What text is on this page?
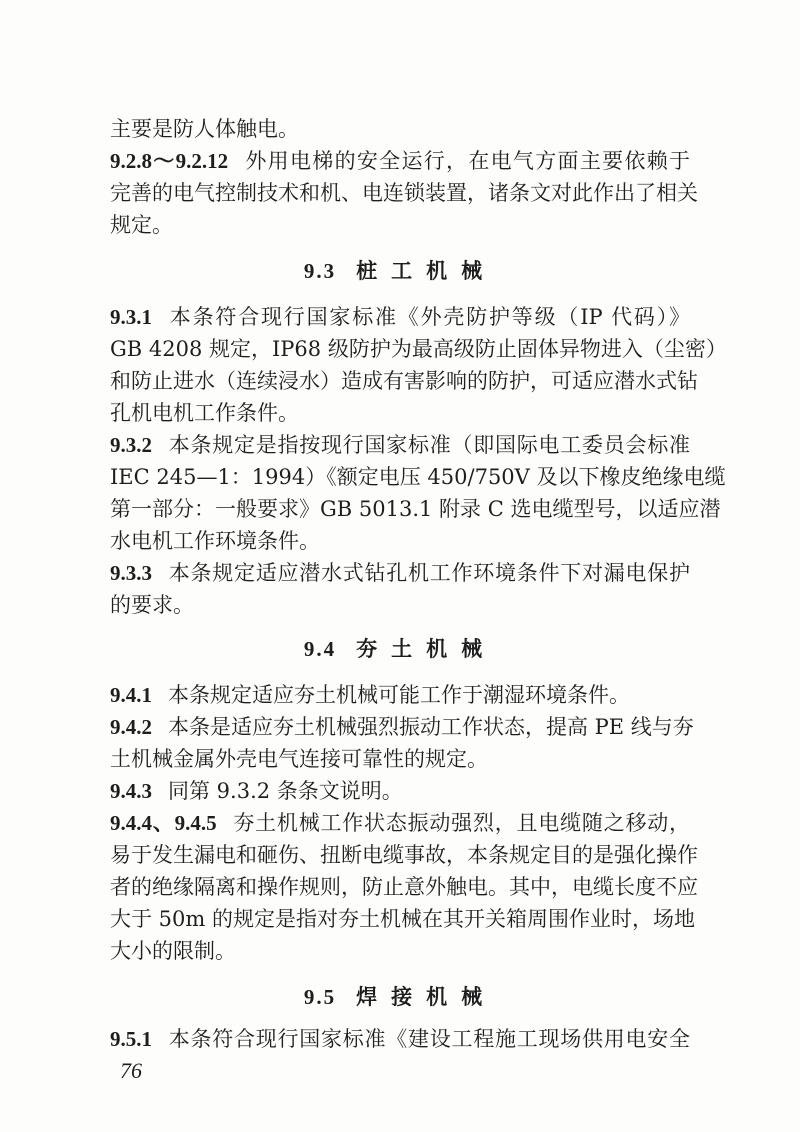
主要是防人体触电。
9.2.8～9.2.12 外用电梯的安全运行，在电气方面主要依赖于
完善的电气控制技术和机、电连锁装置，诸条文对此作出了相关
规定。
9.3 桩工机械
9.3.1 本条符合现行国家标准《外壳防护等级（IP 代码）》
GB 4208 规定，IP68 级防护为最高级防止固体异物进入（尘密）
和防止进水（连续浸水）造成有害影响的防护，可适应潜水式钻
孔机电机工作条件。
9.3.2 本条规定是指按现行国家标准（即国际电工委员会标准
IEC 245—1：1994）《额定电压 450/750V 及以下橡皮绝缘电缆
第一部分：一般要求》GB 5013.1 附录 C 选电缆型号，以适应潜
水电机工作环境条件。
9.3.3 本条规定适应潜水式钻孔机工作环境条件下对漏电保护
的要求。
9.4 夯土机械
9.4.1 本条规定适应夯土机械可能工作于潮湿环境条件。
9.4.2 本条是适应夯土机械强烈振动工作状态，提高 PE 线与夯
土机械金属外壳电气连接可靠性的规定。
9.4.3 同第 9.3.2 条条文说明。
9.4.4、9.4.5 夯土机械工作状态振动强烈，且电缆随之移动，
易于发生漏电和砸伤、扭断电缆事故，本条规定目的是强化操作
者的绝缘隔离和操作规则，防止意外触电。其中，电缆长度不应
大于 50m 的规定是指对夯土机械在其开关箱周围作业时，场地
大小的限制。
9.5 焊接机械
9.5.1 本条符合现行国家标准《建设工程施工现场供用电安全
76
